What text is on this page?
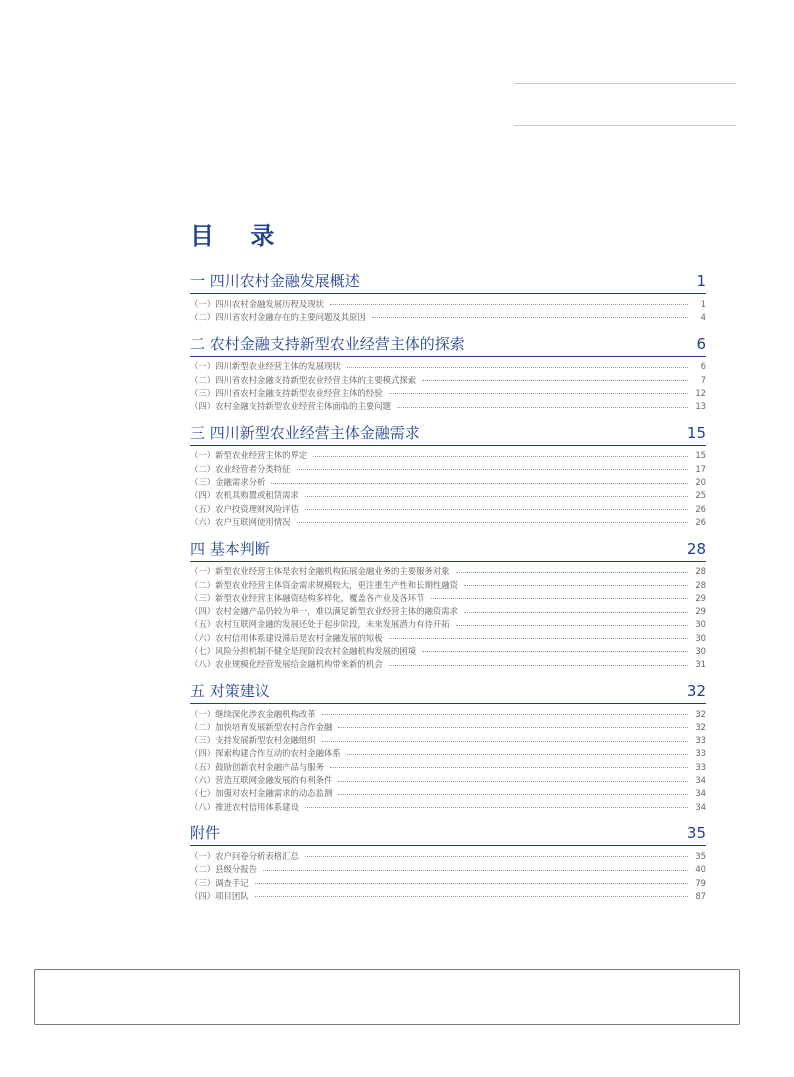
目 录
一 四川农村金融发展概述	1
（一）四川农村金融发展历程及现状	1
（二）四川省农村金融存在的主要问题及其原因	4
二 农村金融支持新型农业经营主体的探索	6
（一）四川新型农业经营主体的发展现状	6
（二）四川省农村金融支持新型农业经营主体的主要模式探索	7
（三）四川省农村金融支持新型农业经营主体的经验	12
（四）农村金融支持新型农业经营主体面临的主要问题	13
三 四川新型农业经营主体金融需求	15
（一）新型农业经营主体的界定	15
（二）农业经营者分类特征	17
（三）金融需求分析	20
（四）农机具购置或租赁需求	25
（五）农户投资理财风险评估	26
（六）农户互联网使用情况	26
四 基本判断	28
（一）新型农业经营主体是农村金融机构拓展金融业务的主要服务对象	28
（二）新型农业经营主体资金需求规模较大，更注重生产性和长期性融资	28
（三）新型农业经营主体融资结构多样化，覆盖各产业及各环节	29
（四）农村金融产品仍较为单一，难以满足新型农业经营主体的融资需求	29
（五）农村互联网金融的发展还处于起步阶段，未来发展潜力有待开拓	30
（六）农村信用体系建设滞后是农村金融发展的短板	30
（七）风险分担机制不健全是现阶段农村金融机构发展的困境	30
（八）农业规模化经营发展给金融机构带来新的机会	31
五 对策建议	32
（一）继续深化涉农金融机构改革	32
（二）加快培育发展新型农村合作金融	32
（三）支持发展新型农村金融组织	33
（四）探索构建合作互动的农村金融体系	33
（五）鼓励创新农村金融产品与服务	33
（六）营造互联网金融发展的有利条件	34
（七）加强对农村金融需求的动态监测	34
（八）推进农村信用体系建设	34
附件	35
（一）农户问卷分析表格汇总	35
（二）县级分报告	40
（三）调查手记	79
（四）项目团队	87
